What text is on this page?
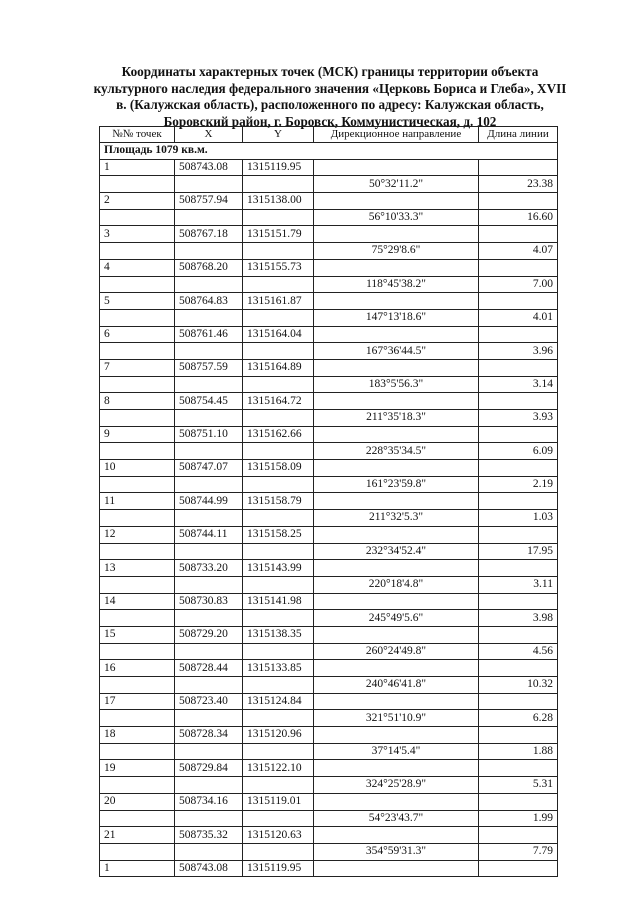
Координаты характерных точек (МСК) границы территории объекта
культурного наследия федерального значения «Церковь Бориса и Глеба», XVII
в. (Калужская область), расположенного по адресу: Калужская область,
Боровский район, г. Боровск, Коммунистическая, д. 102
№№ точек	X	Y	Дирекционное направление	Длина линии
Площадь 1079 кв.м.				
1	508743.08	1315119.95		
			50°32'11.2"	23.38
2	508757.94	1315138.00		
			56°10'33.3"	16.60
3	508767.18	1315151.79		
			75°29'8.6"	4.07
4	508768.20	1315155.73		
			118°45'38.2"	7.00
5	508764.83	1315161.87		
			147°13'18.6"	4.01
6	508761.46	1315164.04		
			167°36'44.5"	3.96
7	508757.59	1315164.89		
			183°5'56.3"	3.14
8	508754.45	1315164.72		
			211°35'18.3"	3.93
9	508751.10	1315162.66		
			228°35'34.5"	6.09
10	508747.07	1315158.09		
			161°23'59.8"	2.19
11	508744.99	1315158.79		
			211°32'5.3"	1.03
12	508744.11	1315158.25		
			232°34'52.4"	17.95
13	508733.20	1315143.99		
			220°18'4.8"	3.11
14	508730.83	1315141.98		
			245°49'5.6"	3.98
15	508729.20	1315138.35		
			260°24'49.8"	4.56
16	508728.44	1315133.85		
			240°46'41.8"	10.32
17	508723.40	1315124.84		
			321°51'10.9"	6.28
18	508728.34	1315120.96		
			37°14'5.4"	1.88
19	508729.84	1315122.10		
			324°25'28.9"	5.31
20	508734.16	1315119.01		
			54°23'43.7"	1.99
21	508735.32	1315120.63		
			354°59'31.3"	7.79
1	508743.08	1315119.95		
